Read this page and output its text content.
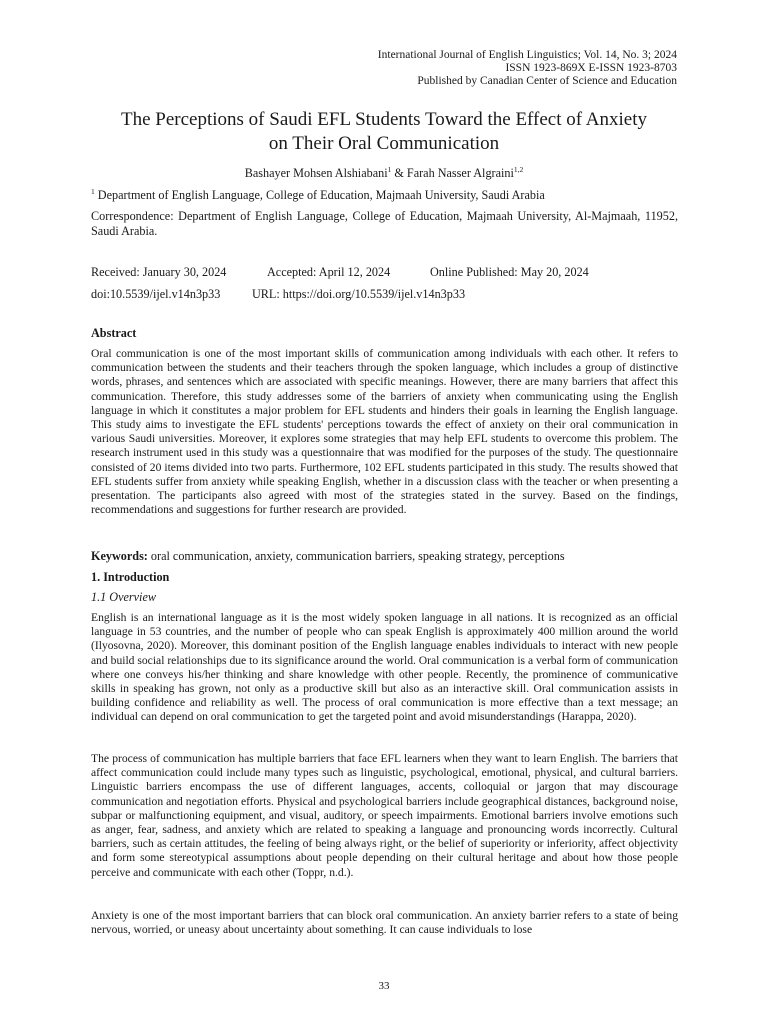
International Journal of English Linguistics; Vol. 14, No. 3; 2024
ISSN 1923-869X E-ISSN 1923-8703
Published by Canadian Center of Science and Education
The Perceptions of Saudi EFL Students Toward the Effect of Anxiety
on Their Oral Communication
Bashayer Mohsen Alshiabani$^1$ & Farah Nasser Algraini$^{1,2}$
$^1$ Department of English Language, College of Education, Majmaah University, Saudi Arabia
Correspondence: Department of English Language, College of Education, Majmaah University, Al-Majmaah, 11952, Saudi Arabia.
Received: January 30, 2024	Accepted: April 12, 2024	Online Published: May 20, 2024
doi:10.5539/ijel.v14n3p33	URL: https://doi.org/10.5539/ijel.v14n3p33
Abstract
Oral communication is one of the most important skills of communication among individuals with each other. It refers to communication between the students and their teachers through the spoken language, which includes a group of distinctive words, phrases, and sentences which are associated with specific meanings. However, there are many barriers that affect this communication. Therefore, this study addresses some of the barriers of anxiety when communicating using the English language in which it constitutes a major problem for EFL students and hinders their goals in learning the English language. This study aims to investigate the EFL students' perceptions towards the effect of anxiety on their oral communication in various Saudi universities. Moreover, it explores some strategies that may help EFL students to overcome this problem. The research instrument used in this study was a questionnaire that was modified for the purposes of the study. The questionnaire consisted of 20 items divided into two parts. Furthermore, 102 EFL students participated in this study. The results showed that EFL students suffer from anxiety while speaking English, whether in a discussion class with the teacher or when presenting a presentation. The participants also agreed with most of the strategies stated in the survey. Based on the findings, recommendations and suggestions for further research are provided.
Keywords: oral communication, anxiety, communication barriers, speaking strategy, perceptions
1. Introduction
1.1 Overview
English is an international language as it is the most widely spoken language in all nations. It is recognized as an official language in 53 countries, and the number of people who can speak English is approximately 400 million around the world (Ilyosovna, 2020). Moreover, this dominant position of the English language enables individuals to interact with new people and build social relationships due to its significance around the world. Oral communication is a verbal form of communication where one conveys his/her thinking and share knowledge with other people. Recently, the prominence of communicative skills in speaking has grown, not only as a productive skill but also as an interactive skill. Oral communication assists in building confidence and reliability as well. The process of oral communication is more effective than a text message; an individual can depend on oral communication to get the targeted point and avoid misunderstandings (Harappa, 2020).
The process of communication has multiple barriers that face EFL learners when they want to learn English. The barriers that affect communication could include many types such as linguistic, psychological, emotional, physical, and cultural barriers. Linguistic barriers encompass the use of different languages, accents, colloquial or jargon that may discourage communication and negotiation efforts. Physical and psychological barriers include geographical distances, background noise, subpar or malfunctioning equipment, and visual, auditory, or speech impairments. Emotional barriers involve emotions such as anger, fear, sadness, and anxiety which are related to speaking a language and pronouncing words incorrectly. Cultural barriers, such as certain attitudes, the feeling of being always right, or the belief of superiority or inferiority, affect objectivity and form some stereotypical assumptions about people depending on their cultural heritage and about how those people perceive and communicate with each other (Toppr, n.d.).
Anxiety is one of the most important barriers that can block oral communication. An anxiety barrier refers to a state of being nervous, worried, or uneasy about uncertainty about something. It can cause individuals to lose
33
